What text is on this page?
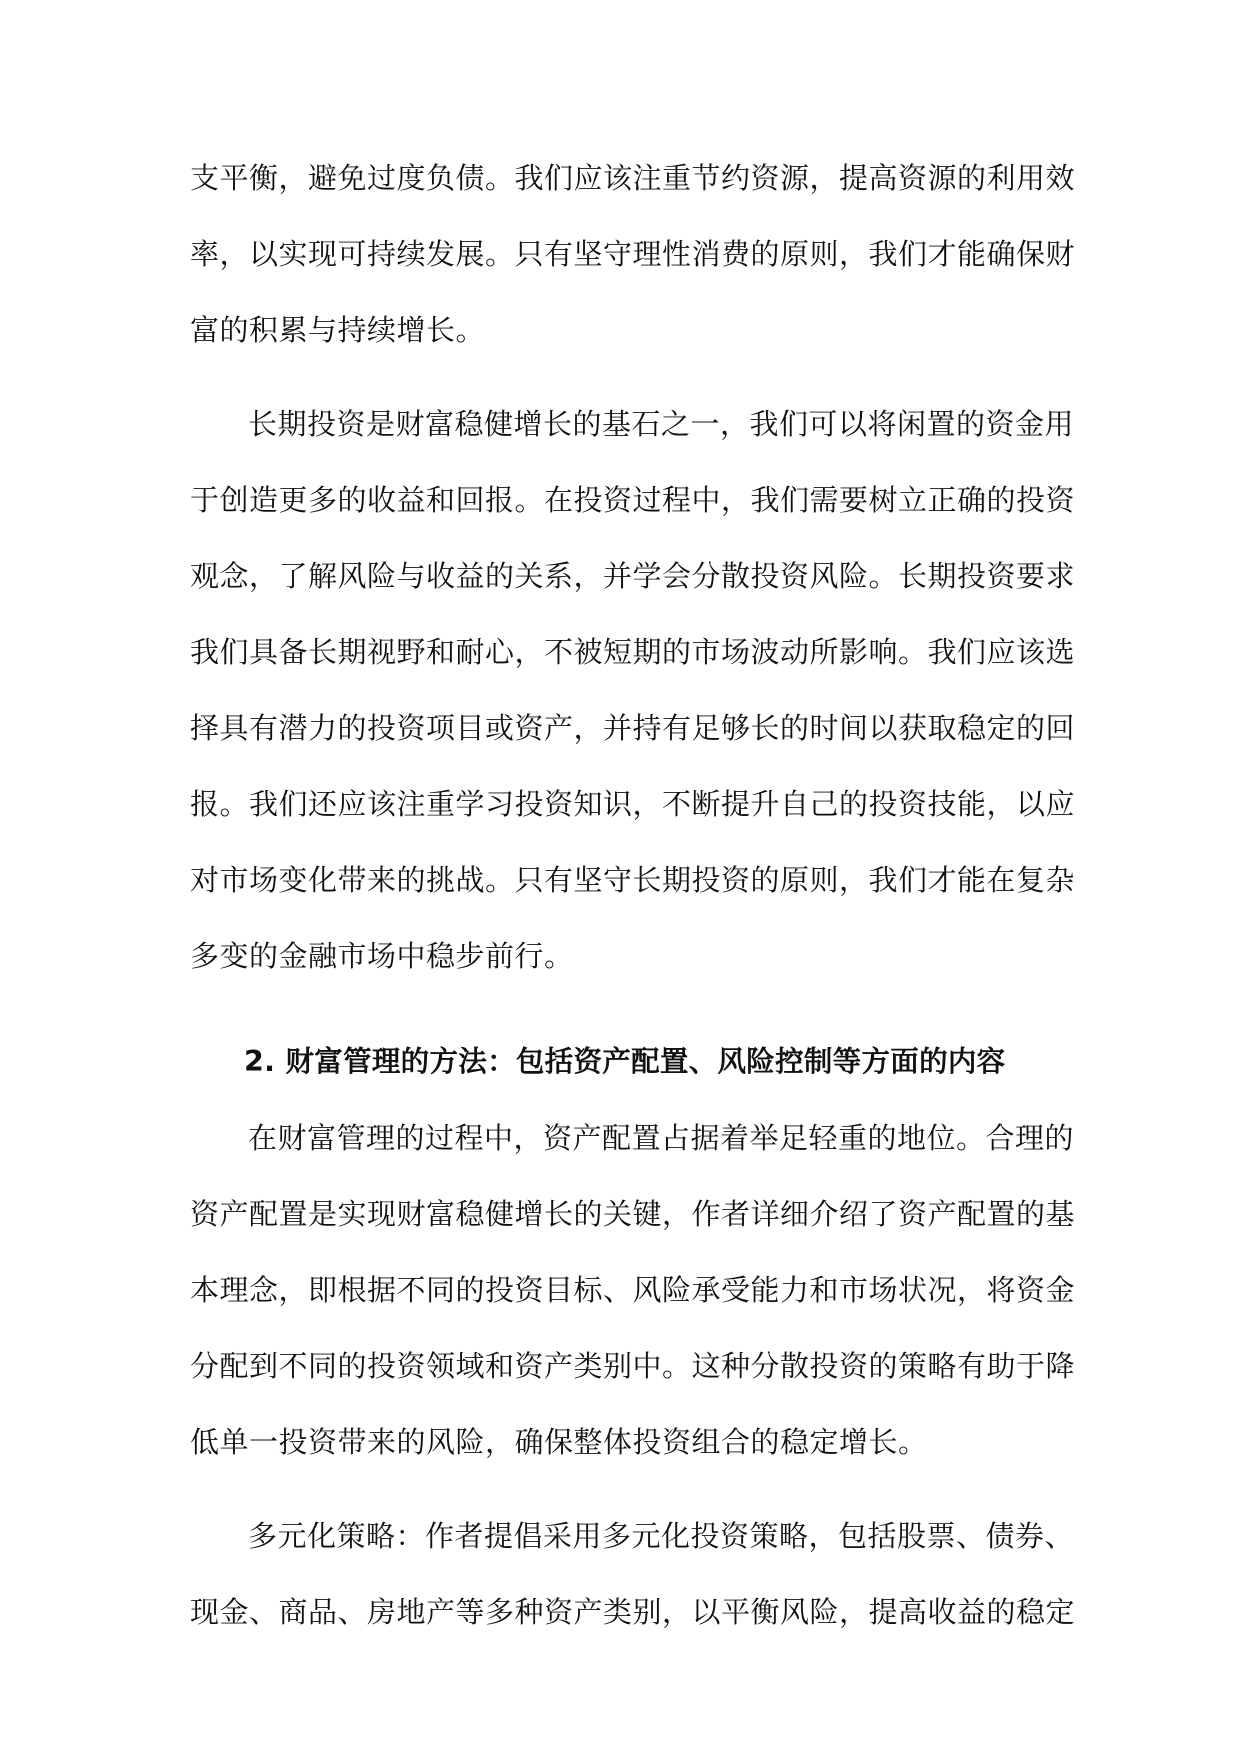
支平衡，避免过度负债。我们应该注重节约资源，提高资源的利用效
率，以实现可持续发展。只有坚守理性消费的原则，我们才能确保财
富的积累与持续增长。
长期投资是财富稳健增长的基石之一，我们可以将闲置的资金用
于创造更多的收益和回报。在投资过程中，我们需要树立正确的投资
观念，了解风险与收益的关系，并学会分散投资风险。长期投资要求
我们具备长期视野和耐心，不被短期的市场波动所影响。我们应该选
择具有潜力的投资项目或资产，并持有足够长的时间以获取稳定的回
报。我们还应该注重学习投资知识，不断提升自己的投资技能，以应
对市场变化带来的挑战。只有坚守长期投资的原则，我们才能在复杂
多变的金融市场中稳步前行。
2. 财富管理的方法：包括资产配置、风险控制等方面的内容
在财富管理的过程中，资产配置占据着举足轻重的地位。合理的
资产配置是实现财富稳健增长的关键，作者详细介绍了资产配置的基
本理念，即根据不同的投资目标、风险承受能力和市场状况，将资金
分配到不同的投资领域和资产类别中。这种分散投资的策略有助于降
低单一投资带来的风险，确保整体投资组合的稳定增长。
多元化策略：作者提倡采用多元化投资策略，包括股票、债券、
现金、商品、房地产等多种资产类别，以平衡风险，提高收益的稳定
